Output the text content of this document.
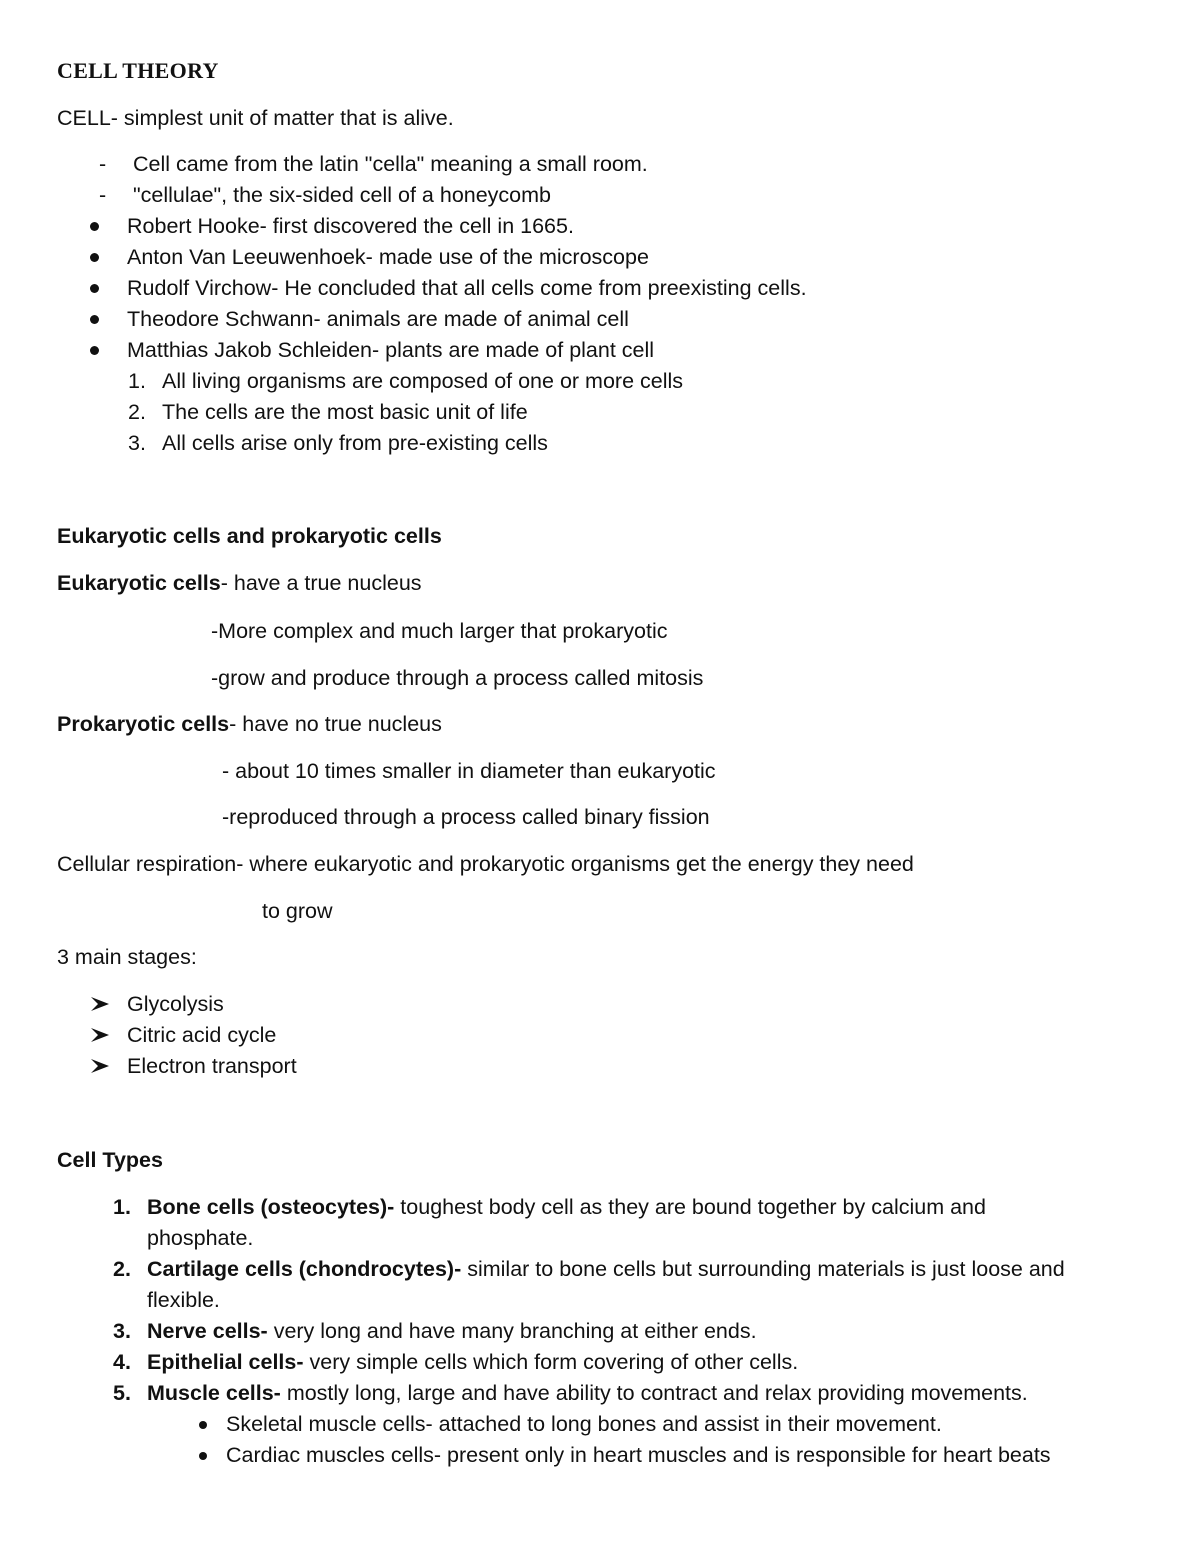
CELL THEORY
CELL- simplest unit of matter that is alive.
- Cell came from the latin "cella" meaning a small room.
- "cellulae", the six-sided cell of a honeycomb
Robert Hooke- first discovered the cell in 1665.
Anton Van Leeuwenhoek- made use of the microscope
Rudolf Virchow- He concluded that all cells come from preexisting cells.
Theodore Schwann- animals are made of animal cell
Matthias Jakob Schleiden- plants are made of plant cell
1. All living organisms are composed of one or more cells
2. The cells are the most basic unit of life
3. All cells arise only from pre-existing cells
Eukaryotic cells and prokaryotic cells
Eukaryotic cells- have a true nucleus
-More complex and much larger that prokaryotic
-grow and produce through a process called mitosis
Prokaryotic cells- have no true nucleus
- about 10 times smaller in diameter than eukaryotic
-reproduced through a process called binary fission
Cellular respiration- where eukaryotic and prokaryotic organisms get the energy they need
to grow
3 main stages:
Glycolysis
Citric acid cycle
Electron transport
Cell Types
1. Bone cells (osteocytes)- toughest body cell as they are bound together by calcium and
phosphate.
2. Cartilage cells (chondrocytes)- similar to bone cells but surrounding materials is just loose and
flexible.
3. Nerve cells- very long and have many branching at either ends.
4. Epithelial cells- very simple cells which form covering of other cells.
5. Muscle cells- mostly long, large and have ability to contract and relax providing movements.
Skeletal muscle cells- attached to long bones and assist in their movement.
Cardiac muscles cells- present only in heart muscles and is responsible for heart beats
